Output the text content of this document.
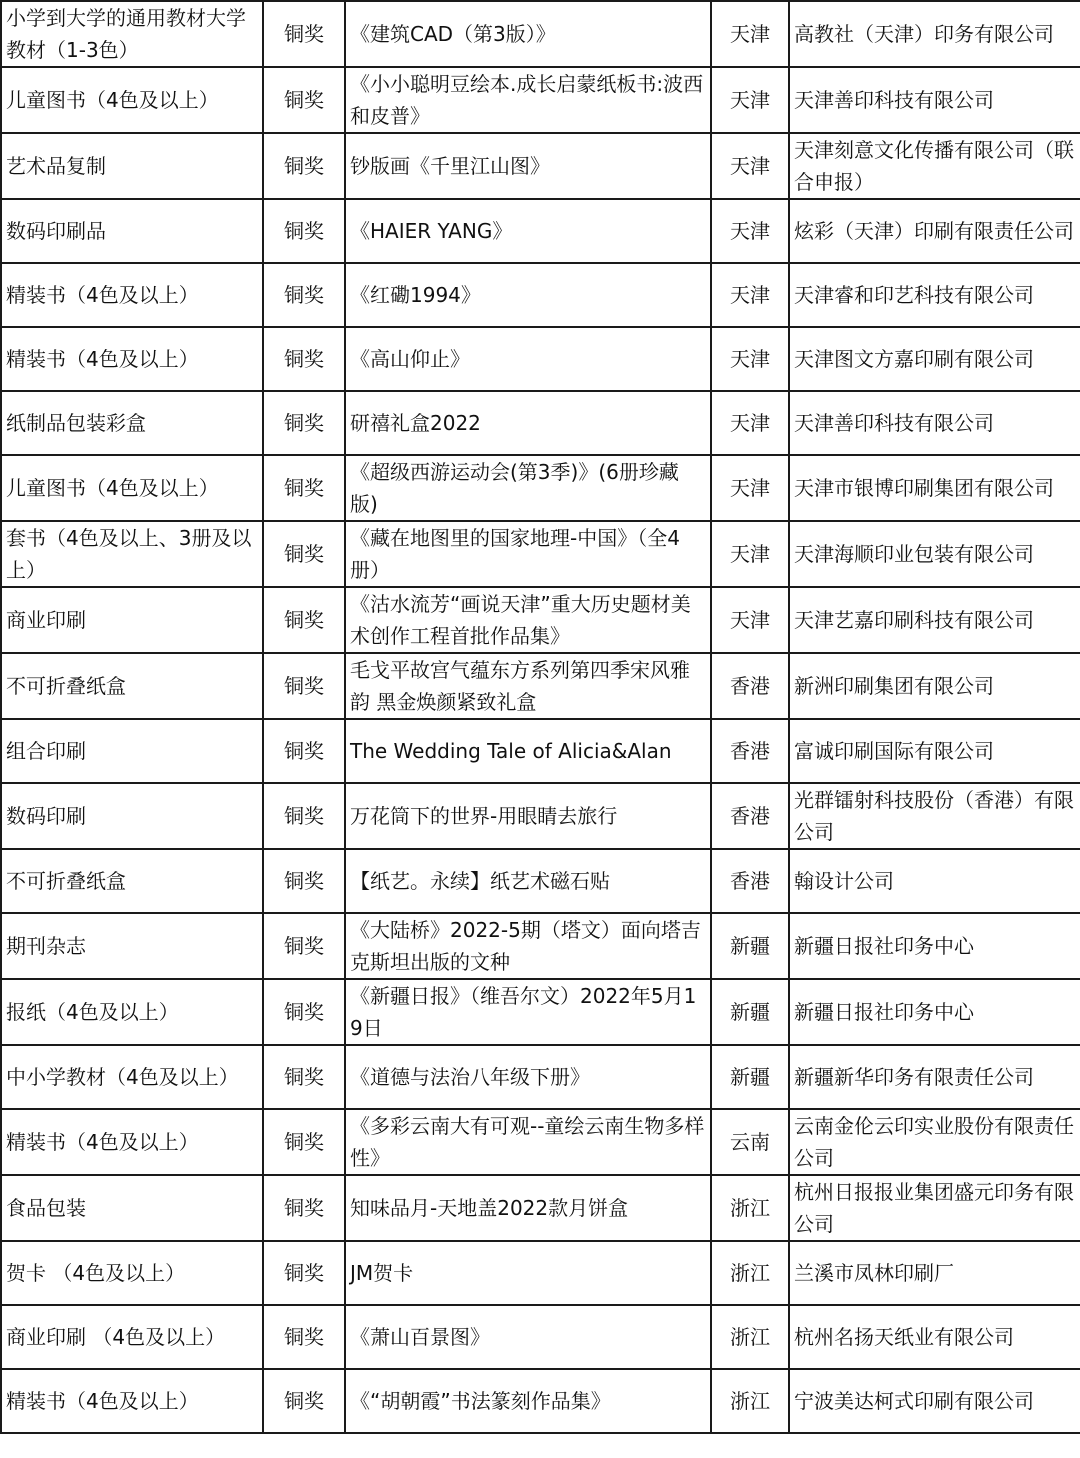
小学到大学的通用教材大学教材（1-3色）	铜奖	《建筑CAD（第3版）》	天津	高教社（天津）印务有限公司
儿童图书（4色及以上）	铜奖	《小小聪明豆绘本.成长启蒙纸板书:波西和皮普》	天津	天津善印科技有限公司
艺术品复制	铜奖	钞版画《千里江山图》	天津	天津刻意文化传播有限公司（联合申报）
数码印刷品	铜奖	《HAIER YANG》	天津	炫彩（天津）印刷有限责任公司
精装书（4色及以上）	铜奖	《红磡1994》	天津	天津睿和印艺科技有限公司
精装书（4色及以上）	铜奖	《高山仰止》	天津	天津图文方嘉印刷有限公司
纸制品包装彩盒	铜奖	研禧礼盒2022	天津	天津善印科技有限公司
儿童图书（4色及以上）	铜奖	《超级西游运动会(第3季)》(6册珍藏版)	天津	天津市银博印刷集团有限公司
套书（4色及以上、3册及以上）	铜奖	《藏在地图里的国家地理-中国》（全4册）	天津	天津海顺印业包装有限公司
商业印刷	铜奖	《沽水流芳“画说天津”重大历史题材美术创作工程首批作品集》	天津	天津艺嘉印刷科技有限公司
不可折叠纸盒	铜奖	毛戈平故宫气蕴东方系列第四季宋风雅韵 黑金焕颜紧致礼盒	香港	新洲印刷集团有限公司
组合印刷	铜奖	The Wedding Tale of Alicia&Alan	香港	富诚印刷国际有限公司
数码印刷	铜奖	万花筒下的世界-用眼睛去旅行	香港	光群镭射科技股份（香港）有限公司
不可折叠纸盒	铜奖	【纸艺。永续】纸艺术磁石贴	香港	翰设计公司
期刊杂志	铜奖	《大陆桥》2022-5期（塔文）面向塔吉克斯坦出版的文种	新疆	新疆日报社印务中心
报纸（4色及以上）	铜奖	《新疆日报》（维吾尔文）2022年5月19日	新疆	新疆日报社印务中心
中小学教材（4色及以上）	铜奖	《道德与法治八年级下册》	新疆	新疆新华印务有限责任公司
精装书（4色及以上）	铜奖	《多彩云南大有可观--童绘云南生物多样性》	云南	云南金伦云印实业股份有限责任公司
食品包装	铜奖	知味品月-天地盖2022款月饼盒	浙江	杭州日报报业集团盛元印务有限公司
贺卡 （4色及以上）	铜奖	JM贺卡	浙江	兰溪市凤林印刷厂
商业印刷 （4色及以上）	铜奖	《萧山百景图》	浙江	杭州名扬天纸业有限公司
精装书（4色及以上）	铜奖	《“胡朝霞”书法篆刻作品集》	浙江	宁波美达柯式印刷有限公司
